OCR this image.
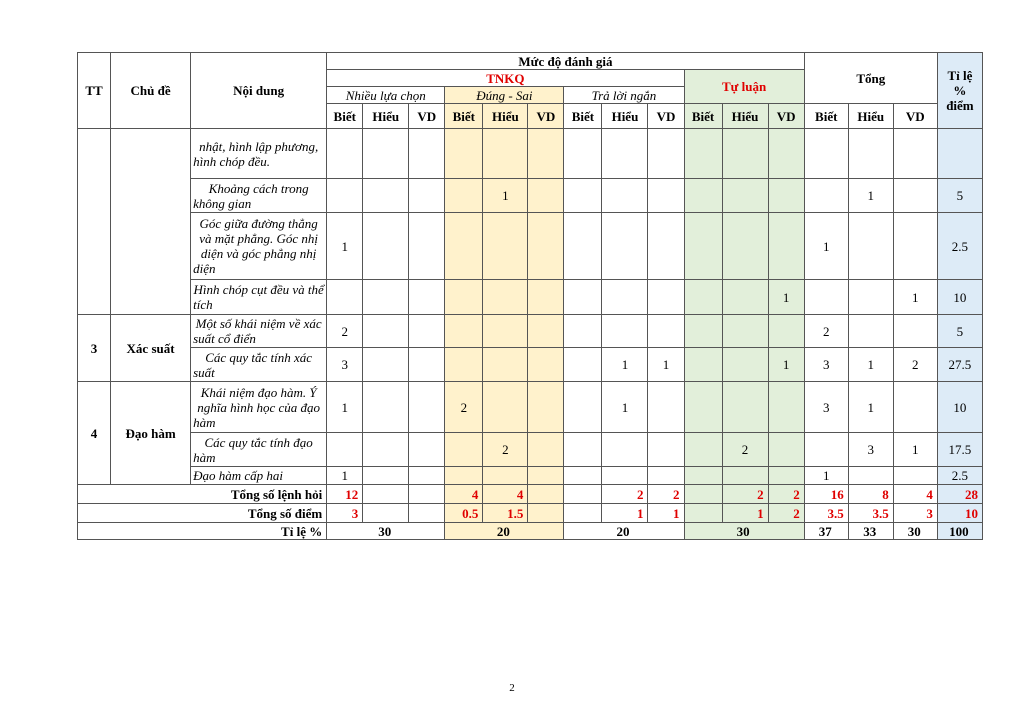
TT	Chủ đề	Nội dung	Mức độ đánh giá												Tổng			Tỉ lệ % điểm
			TNKQ									Tự luận						
			Nhiều lựa chọn			Đúng - Sai			Trả lời ngắn									
			Biết	Hiểu	VD	Biết	Hiểu	VD	Biết	Hiểu	VD	Biết	Hiểu	VD	Biết	Hiểu	VD	
		nhật, hình lập phương, hình chóp đều.																
		Khoảng cách trong không gian					1									1		5
		Góc giữa đường thẳng và mặt phẳng. Góc nhị diện và góc phẳng nhị diện	1												1			2.5
		Hình chóp cụt đều và thể tích												1			1	10
3	Xác suất	Một số khái niệm về xác suất cổ điển	2												2			5
		Các quy tắc tính xác suất	3							1	1			1	3	1	2	27.5
4	Đạo hàm	Khái niệm đạo hàm. Ý nghĩa hình học của đạo hàm	1			2				1					3	1		10
		Các quy tắc tính đạo hàm					2						2			3	1	17.5
		Đạo hàm cấp hai	1												1			2.5
Tổng số lệnh hỏi			12			4	4			2	2		2	2	16	8	4	28
Tổng số điểm			3			0.5	1.5			1	1		1	2	3.5	3.5	3	10
Tỉ lệ %			30			20			20			30			37	33	30	100
2
